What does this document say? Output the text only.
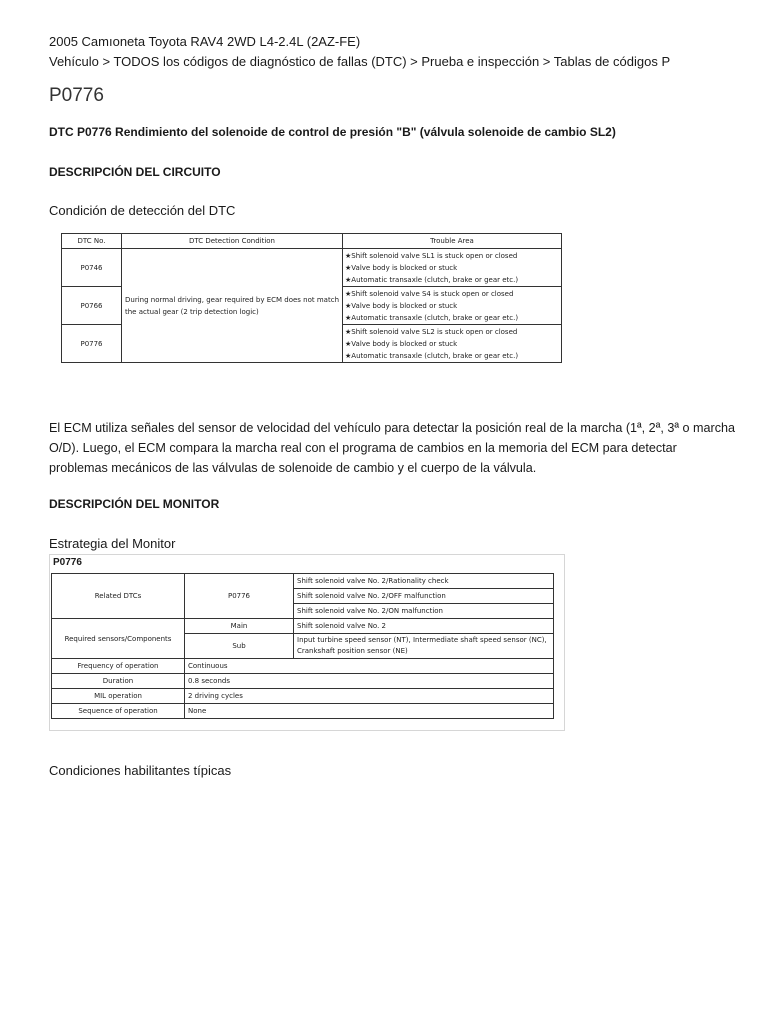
2005 Camıoneta Toyota RAV4 2WD L4-2.4L (2AZ-FE)
Vehículo > TODOS los códigos de diagnóstico de fallas (DTC) > Prueba e inspección > Tablas de códigos P
P0776
DTC P0776 Rendimiento del solenoide de control de presión "B" (válvula solenoide de cambio SL2)
DESCRIPCIÓN DEL CIRCUITO
Condición de detección del DTC
DTC No.	DTC Detection Condition	Trouble Area
P0746	During normal driving, gear required by ECM does not match the actual gear (2 trip detection logic)	★Shift solenoid valve SL1 is stuck open or closed
★Valve body is blocked or stuck
★Automatic transaxle (clutch, brake or gear etc.)

P0766		★Shift solenoid valve S4 is stuck open or closed
★Valve body is blocked or stuck
★Automatic transaxle (clutch, brake or gear etc.)

P0776		★Shift solenoid valve SL2 is stuck open or closed
★Valve body is blocked or stuck
★Automatic transaxle (clutch, brake or gear etc.)
El ECM utiliza señales del sensor de velocidad del vehículo para detectar la posición real de la marcha (1ª, 2ª, 3ª o marcha O/D). Luego, el ECM compara la marcha real con el programa de cambios en la memoria del ECM para detectar problemas mecánicos de las válvulas de solenoide de cambio y el cuerpo de la válvula.
DESCRIPCIÓN DEL MONITOR
Estrategia del Monitor
P0776
Related DTCs	P0776	Shift solenoid valve No. 2/Rationality check
		Shift solenoid valve No. 2/OFF malfunction
		Shift solenoid valve No. 2/ON malfunction
Required sensors/Components	Main	Shift solenoid valve No. 2
	Sub	Input turbine speed sensor (NT), Intermediate shaft speed sensor (NC),
Crankshaft position sensor (NE)

Frequency of operation	Continuous	
Duration	0.8 seconds	
MIL operation	2 driving cycles	
Sequence of operation	None	
Condiciones habilitantes típicas
